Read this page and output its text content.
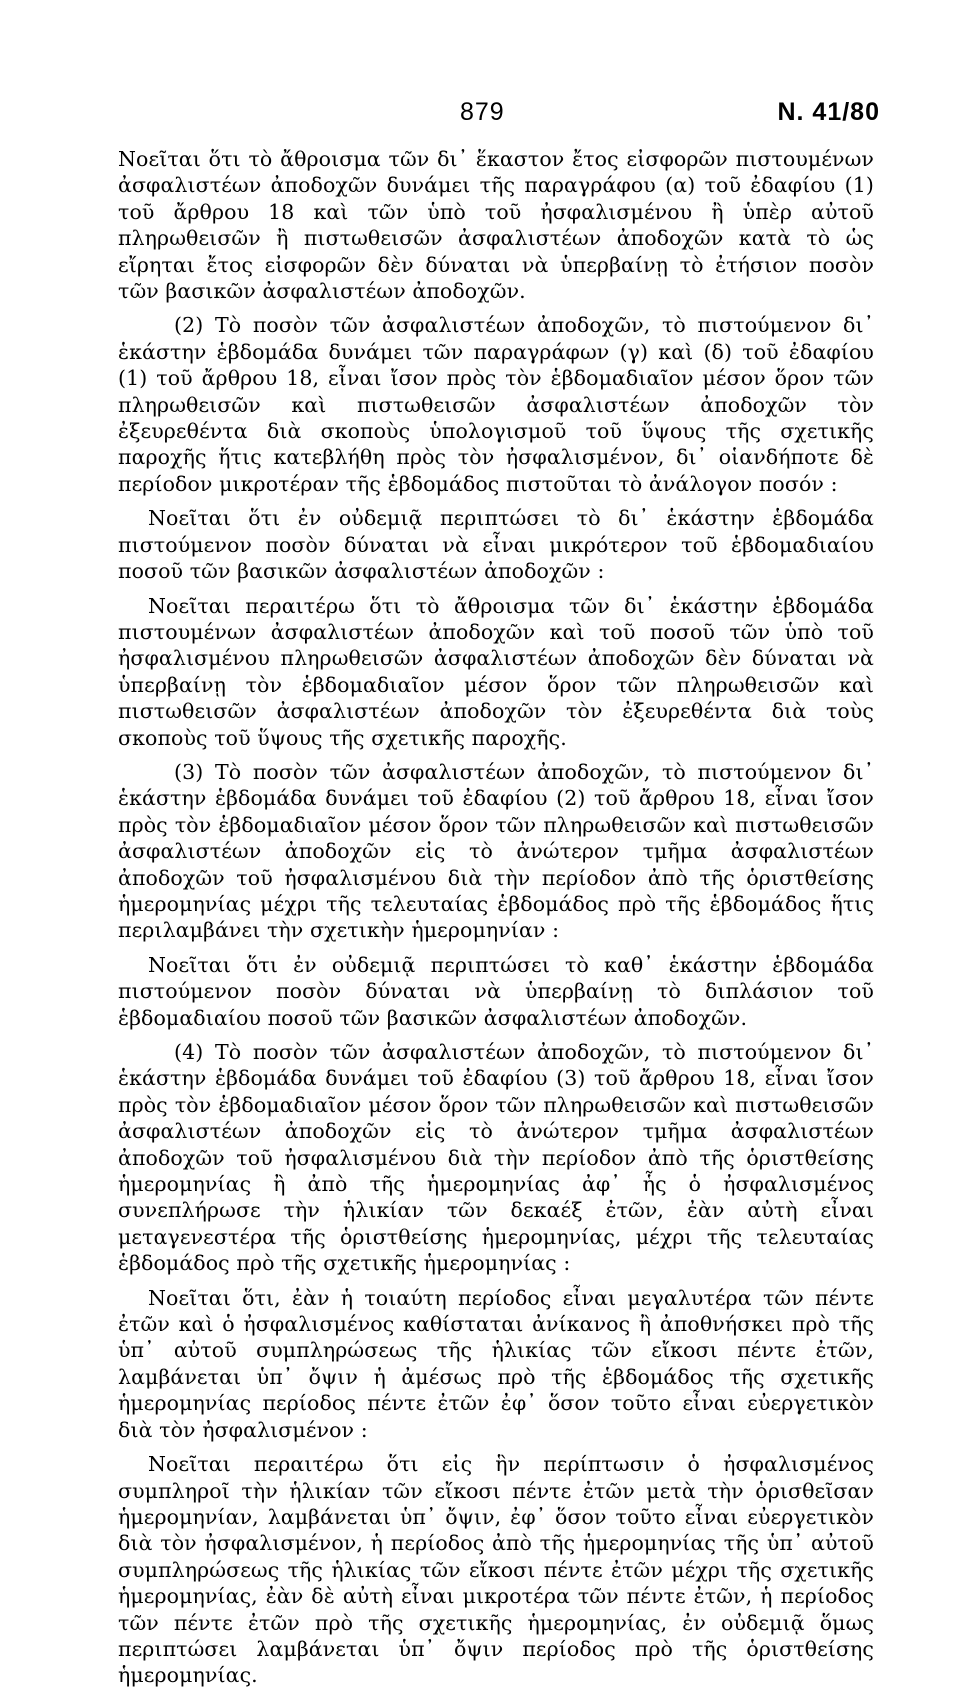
879	Ν. 41/80

Νοεῖται ὅτι τὸ ἄθροισμα τῶν δι᾽ ἕκαστον ἔτος εἰσφορῶν πιστουμένων ἀσφαλιστέων ἀποδοχῶν δυνάμει τῆς παραγράφου (α) τοῦ ἐδαφίου (1) τοῦ ἄρθρου 18 καὶ τῶν ὑπὸ τοῦ ἠσφαλισμένου ἢ ὑπὲρ αὐτοῦ πληρωθεισῶν ἢ πιστωθεισῶν ἀσφαλιστέων ἀποδοχῶν κατὰ τὸ ὡς εἴρηται ἔτος εἰσφορῶν δὲν δύναται νὰ ὑπερβαίνῃ τὸ ἐτήσιον ποσὸν τῶν βασικῶν ἀσφαλιστέων ἀποδοχῶν.

(2) Τὸ ποσὸν τῶν ἀσφαλιστέων ἀποδοχῶν, τὸ πιστούμενον δι᾽ ἑκάστην ἑβδομάδα δυνάμει τῶν παραγράφων (γ) καὶ (δ) τοῦ ἐδαφίου (1) τοῦ ἄρθρου 18, εἶναι ἴσον πρὸς τὸν ἑβδομαδιαῖον μέσον ὅρον τῶν πληρωθεισῶν καὶ πιστωθεισῶν ἀσφαλιστέων ἀποδοχῶν τὸν ἐξευρεθέντα διὰ σκοποὺς ὑπολογισμοῦ τοῦ ὕψους τῆς σχετικῆς παροχῆς ἥτις κατεβλήθη πρὸς τὸν ἠσφαλισμένον, δι᾽ οἱανδήποτε δὲ περίοδον μικροτέραν τῆς ἑβδομάδος πιστοῦται τὸ ἀνάλογον ποσόν :

Νοεῖται ὅτι ἐν οὐδεμιᾷ περιπτώσει τὸ δι᾽ ἑκάστην ἑβδομάδα πιστούμενον ποσὸν δύναται νὰ εἶναι μικρότερον τοῦ ἑβδομαδιαίου ποσοῦ τῶν βασικῶν ἀσφαλιστέων ἀποδοχῶν :

Νοεῖται περαιτέρω ὅτι τὸ ἄθροισμα τῶν δι᾽ ἑκάστην ἑβδομάδα πιστουμένων ἀσφαλιστέων ἀποδοχῶν καὶ τοῦ ποσοῦ τῶν ὑπὸ τοῦ ἠσφαλισμένου πληρωθεισῶν ἀσφαλιστέων ἀποδοχῶν δὲν δύναται νὰ ὑπερβαίνῃ τὸν ἑβδομαδιαῖον μέσον ὅρον τῶν πληρωθεισῶν καὶ πιστωθεισῶν ἀσφαλιστέων ἀποδοχῶν τὸν ἐξευρεθέντα διὰ τοὺς σκοποὺς τοῦ ὕψους τῆς σχετικῆς παροχῆς.

(3) Τὸ ποσὸν τῶν ἀσφαλιστέων ἀποδοχῶν, τὸ πιστούμενον δι᾽ ἑκάστην ἑβδομάδα δυνάμει τοῦ ἐδαφίου (2) τοῦ ἄρθρου 18, εἶναι ἴσον πρὸς τὸν ἑβδομαδιαῖον μέσον ὅρον τῶν πληρωθεισῶν καὶ πιστωθεισῶν ἀσφαλιστέων ἀποδοχῶν εἰς τὸ ἀνώτερον τμῆμα ἀσφαλιστέων ἀποδοχῶν τοῦ ἠσφαλισμένου διὰ τὴν περίοδον ἀπὸ τῆς ὁριστθείσης ἡμερομηνίας μέχρι τῆς τελευταίας ἑβδομάδος πρὸ τῆς ἑβδομάδος ἥτις περιλαμβάνει τὴν σχετικὴν ἡμερομηνίαν :

Νοεῖται ὅτι ἐν οὐδεμιᾷ περιπτώσει τὸ καθ᾽ ἑκάστην ἑβδομάδα πιστούμενον ποσὸν δύναται νὰ ὑπερβαίνῃ τὸ διπλάσιον τοῦ ἑβδομαδιαίου ποσοῦ τῶν βασικῶν ἀσφαλιστέων ἀποδοχῶν.

(4) Τὸ ποσὸν τῶν ἀσφαλιστέων ἀποδοχῶν, τὸ πιστούμενον δι᾽ ἑκάστην ἑβδομάδα δυνάμει τοῦ ἐδαφίου (3) τοῦ ἄρθρου 18, εἶναι ἴσον πρὸς τὸν ἑβδομαδιαῖον μέσον ὅρον τῶν πληρωθεισῶν καὶ πιστωθεισῶν ἀσφαλιστέων ἀποδοχῶν εἰς τὸ ἀνώτερον τμῆμα ἀσφαλιστέων ἀποδοχῶν τοῦ ἠσφαλισμένου διὰ τὴν περίοδον ἀπὸ τῆς ὁριστθείσης ἡμερομηνίας ἢ ἀπὸ τῆς ἡμερομηνίας ἀφ᾽ ἧς ὁ ἠσφαλισμένος συνεπλήρωσε τὴν ἡλικίαν τῶν δεκαέξ ἐτῶν, ἐὰν αὐτὴ εἶναι μεταγενεστέρα τῆς ὁριστθείσης ἡμερομηνίας, μέχρι τῆς τελευταίας ἑβδομάδος πρὸ τῆς σχετικῆς ἡμερομηνίας :

Νοεῖται ὅτι, ἐὰν ἡ τοιαύτη περίοδος εἶναι μεγαλυτέρα τῶν πέντε ἐτῶν καὶ ὁ ἠσφαλισμένος καθίσταται ἀνίκανος ἢ ἀποθνήσκει πρὸ τῆς ὑπ᾽ αὐτοῦ συμπληρώσεως τῆς ἡλικίας τῶν εἴκοσι πέντε ἐτῶν, λαμβάνεται ὑπ᾽ ὄψιν ἡ ἀμέσως πρὸ τῆς ἑβδομάδος τῆς σχετικῆς ἡμερομηνίας περίοδος πέντε ἐτῶν ἐφ᾽ ὅσον τοῦτο εἶναι εὐεργετικὸν διὰ τὸν ἠσφαλισμένον :

Νοεῖται περαιτέρω ὅτι εἰς ἣν περίπτωσιν ὁ ἠσφαλισμένος συμπληροῖ τὴν ἡλικίαν τῶν εἴκοσι πέντε ἐτῶν μετὰ τὴν ὁρισθεῖσαν ἡμερομηνίαν, λαμβάνεται ὑπ᾽ ὄψιν, ἐφ᾽ ὅσον τοῦτο εἶναι εὐεργετικὸν διὰ τὸν ἠσφαλισμένον, ἡ περίοδος ἀπὸ τῆς ἡμερομηνίας τῆς ὑπ᾽ αὐτοῦ συμπληρώσεως τῆς ἡλικίας τῶν εἴκοσι πέντε ἐτῶν μέχρι τῆς σχετικῆς ἡμερομηνίας, ἐὰν δὲ αὐτὴ εἶναι μικροτέρα τῶν πέντε ἐτῶν, ἡ περίοδος τῶν πέντε ἐτῶν πρὸ τῆς σχετικῆς ἡμερομηνίας, ἐν οὐδεμιᾷ ὅμως περιπτώσει λαμβάνεται ὑπ᾽ ὄψιν περίοδος πρὸ τῆς ὁριστθείσης ἡμερομηνίας.
